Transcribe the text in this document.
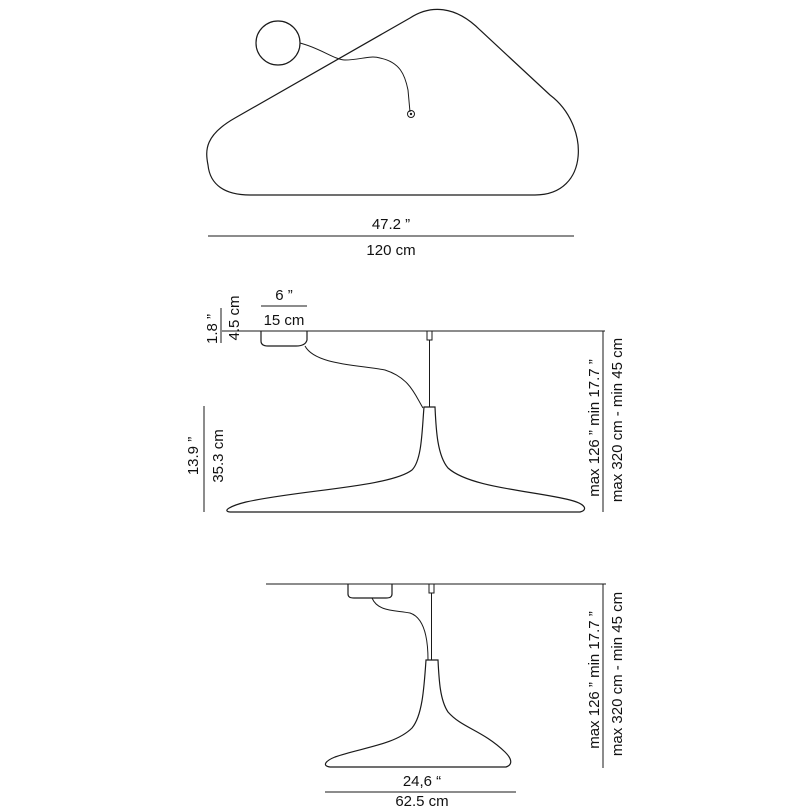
47.2 ”
120 cm
6 ”
15 cm
1.8 ” 4.5 cm
13.9 ” 35.3 cm	max 126 ” min 17.7 ” max 320 cm - min 45 cm
24,6 “
62.5 cm
max 126 ” min 17.7 ” max 320 cm - min 45 cm
